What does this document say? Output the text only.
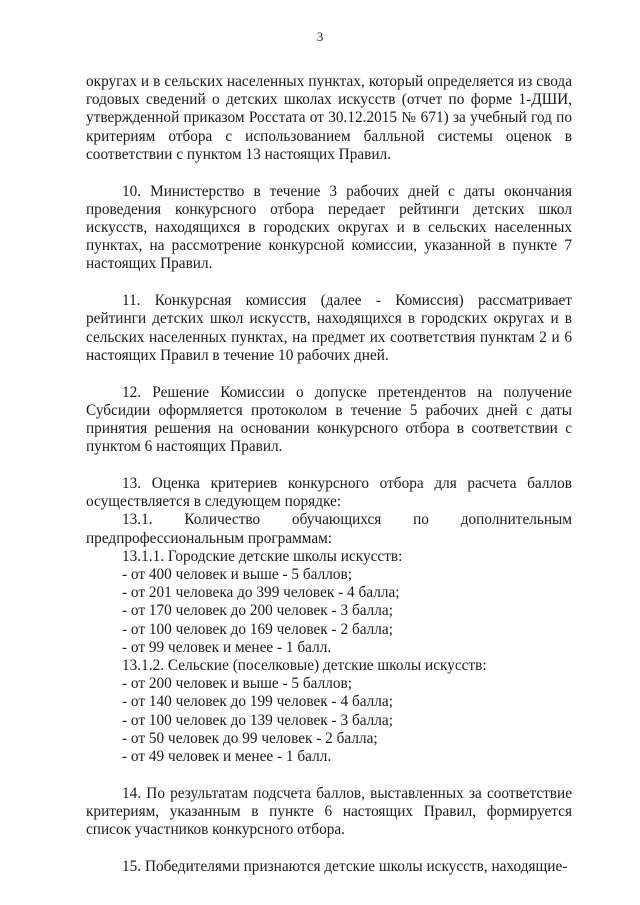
3

округах и в сельских населенных пунктах, который определяется из свода годовых сведений о детских школах искусств (отчет по форме 1-ДШИ, утвержденной приказом Росстата от 30.12.2015 № 671) за учебный год по критериям отбора с использованием балльной системы оценок в соответствии с пунктом 13 настоящих Правил.

10. Министерство в течение 3 рабочих дней с даты окончания проведения конкурсного отбора передает рейтинги детских школ искусств, находящихся в городских округах и в сельских населенных пунктах, на рассмотрение конкурсной комиссии, указанной в пункте 7 настоящих Правил.

11. Конкурсная комиссия (далее - Комиссия) рассматривает рейтинги детских школ искусств, находящихся в городских округах и в сельских населенных пунктах, на предмет их соответствия пунктам 2 и 6 настоящих Правил в течение 10 рабочих дней.

12. Решение Комиссии о допуске претендентов на получение Субсидии оформляется протоколом в течение 5 рабочих дней с даты принятия решения на основании конкурсного отбора в соответствии с пунктом 6 настоящих Правил.

13. Оценка критериев конкурсного отбора для расчета баллов осуществляется в следующем порядке:

13.1. Количество обучающихся по дополнительным предпрофессиональным программам:

13.1.1. Городские детские школы искусств:

- от 400 человек и выше - 5 баллов;

- от 201 человека до 399 человек - 4 балла;

- от 170 человек до 200 человек - 3 балла;

- от 100 человек до 169 человек - 2 балла;

- от 99 человек и менее - 1 балл.

13.1.2. Сельские (поселковые) детские школы искусств:

- от 200 человек и выше - 5 баллов;

- от 140 человек до 199 человек - 4 балла;

- от 100 человек до 139 человек - 3 балла;

- от 50 человек до 99 человек - 2 балла;

- от 49 человек и менее - 1 балл.

14. По результатам подсчета баллов, выставленных за соответствие критериям, указанным в пункте 6 настоящих Правил, формируется список участников конкурсного отбора.

15. Победителями признаются детские школы искусств, находящие-
